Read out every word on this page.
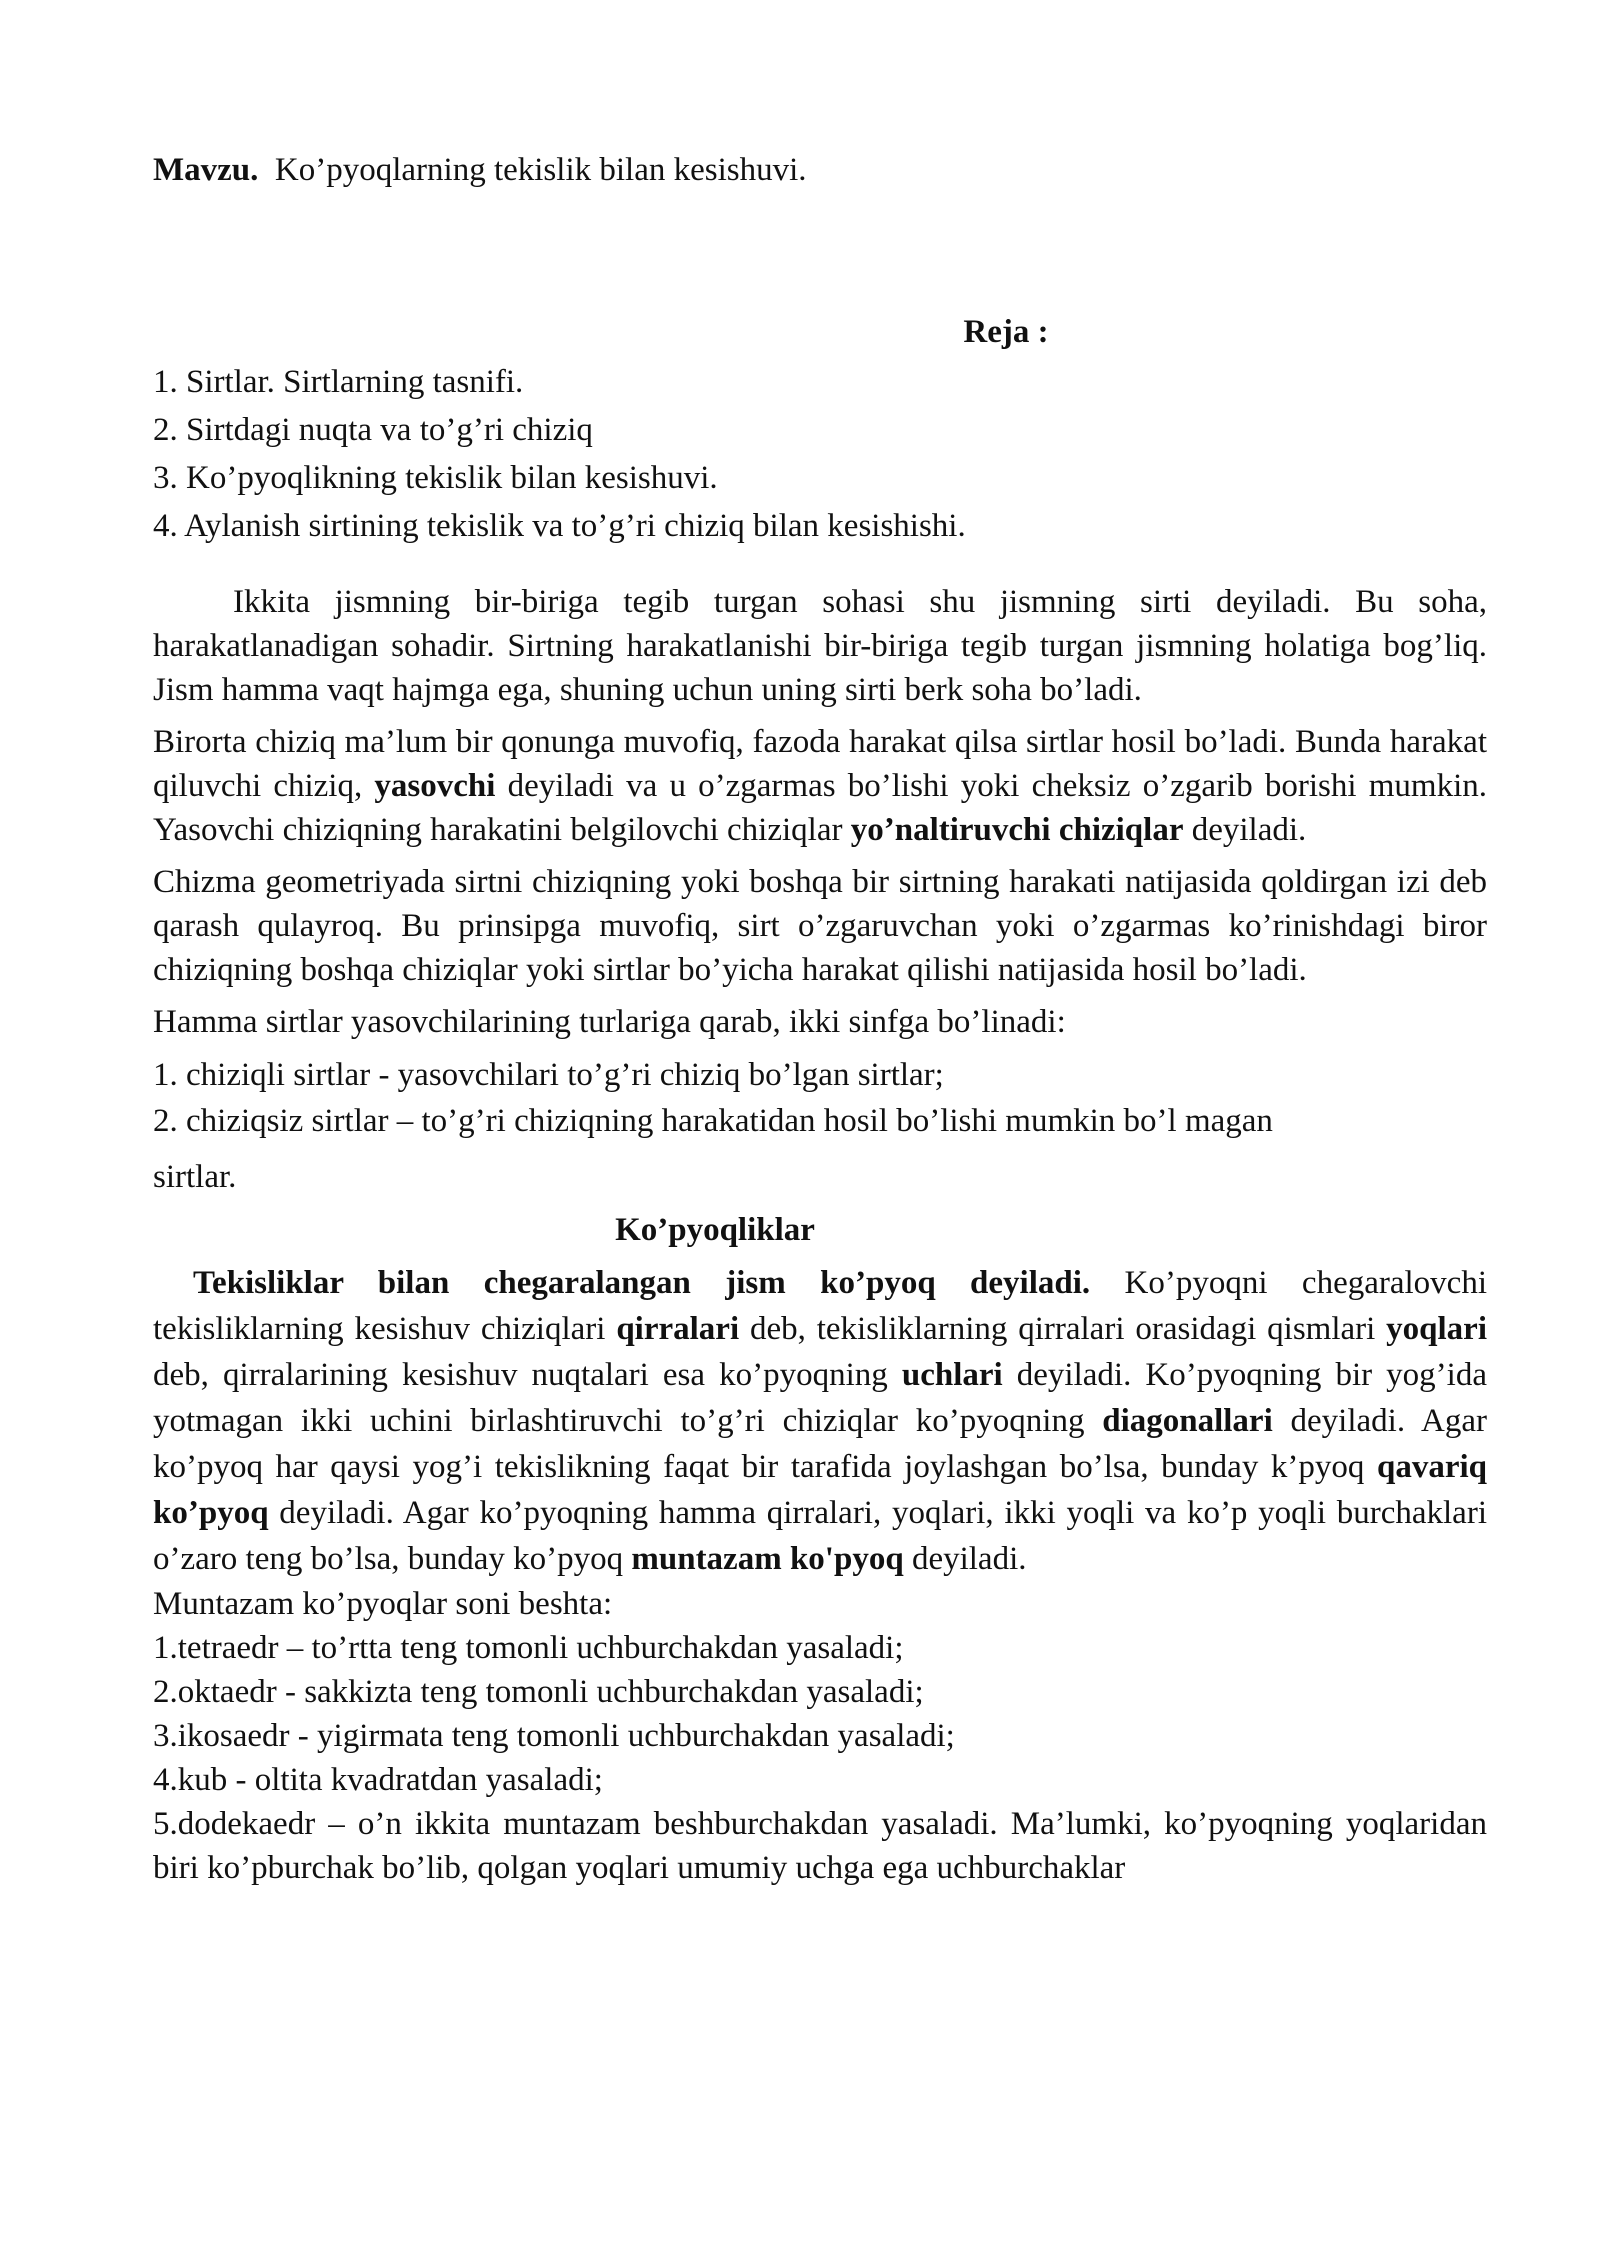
Mavzu. Ko’pyoqlarning tekislik bilan kesishuvi.

Reja :

1. Sirtlar. Sirtlarning tasnifi.

2. Sirtdagi nuqta va to’g’ri chiziq

3. Ko’pyoqlikning tekislik bilan kesishuvi.

4. Aylanish sirtining tekislik va to’g’ri chiziq bilan kesishishi.

Ikkita jismning bir-biriga tegib turgan sohasi shu jismning sirti deyiladi. Bu soha, harakatlanadigan sohadir. Sirtning harakatlanishi bir-biriga tegib turgan jismning holatiga bog’liq. Jism hamma vaqt hajmga ega, shuning uchun uning sirti berk soha bo’ladi.

Birorta chiziq ma’lum bir qonunga muvofiq, fazoda harakat qilsa sirtlar hosil bo’ladi. Bunda harakat qiluvchi chiziq, yasovchi deyiladi va u o’zgarmas bo’lishi yoki cheksiz o’zgarib borishi mumkin. Yasovchi chiziqning harakatini belgilovchi chiziqlar yoʼnaltiruvchi chiziqlar deyiladi.

Chizma geometriyada sirtni chiziqning yoki boshqa bir sirtning harakati natijasida qoldirgan izi deb qarash qulayroq. Bu prinsipga muvofiq, sirt o’zgaruvchan yoki o’zgarmas ko’rinishdagi biror chiziqning boshqa chiziqlar yoki sirtlar bo’yicha harakat qilishi natijasida hosil bo’ladi.

Hamma sirtlar yasovchilarining turlariga qarab, ikki sinfga bo’linadi:

1. chiziqli sirtlar - yasovchilari to’g’ri chiziq bo’lgan sirtlar;

2. chiziqsiz sirtlar – to’g’ri chiziqning harakatidan hosil bo’lishi mumkin bo’l magan

sirtlar.

Ko’pyoqliklar

Tekisliklar bilan chegaralangan jism ko’pyoq deyiladi. Ko’pyoqni chegaralovchi tekisliklarning kesishuv chiziqlari qirralari deb, tekisliklarning qirralari orasidagi qismlari yoqlari deb, qirralarining kesishuv nuqtalari esa ko’pyoqning uchlari deyiladi. Ko’pyoqning bir yog’ida yotmagan ikki uchini birlashtiruvchi to’g’ri chiziqlar ko’pyoqning diagonallari deyiladi. Agar ko’pyoq har qaysi yog’i tekislikning faqat bir tarafida joylashgan bo’lsa, bunday k’pyoq qavariq koʼpyoq deyiladi. Agar ko’pyoqning hamma qirralari, yoqlari, ikki yoqli va ko’p yoqli burchaklari o’zaro teng bo’lsa, bunday ko’pyoq muntazam ko'pyoq deyiladi.

Muntazam ko’pyoqlar soni beshta:

1.tetraedr – to’rtta teng tomonli uchburchakdan yasaladi;

2.oktaedr - sakkizta teng tomonli uchburchakdan yasaladi;

3.ikosaedr - yigirmata teng tomonli uchburchakdan yasaladi;

4.kub - oltita kvadratdan yasaladi;

5.dodekaedr – o’n ikkita muntazam beshburchakdan yasaladi. Ma’lumki, ko’pyoqning yoqlaridan biri ko’pburchak bo’lib, qolgan yoqlari umumiy uchga ega uchburchaklar
